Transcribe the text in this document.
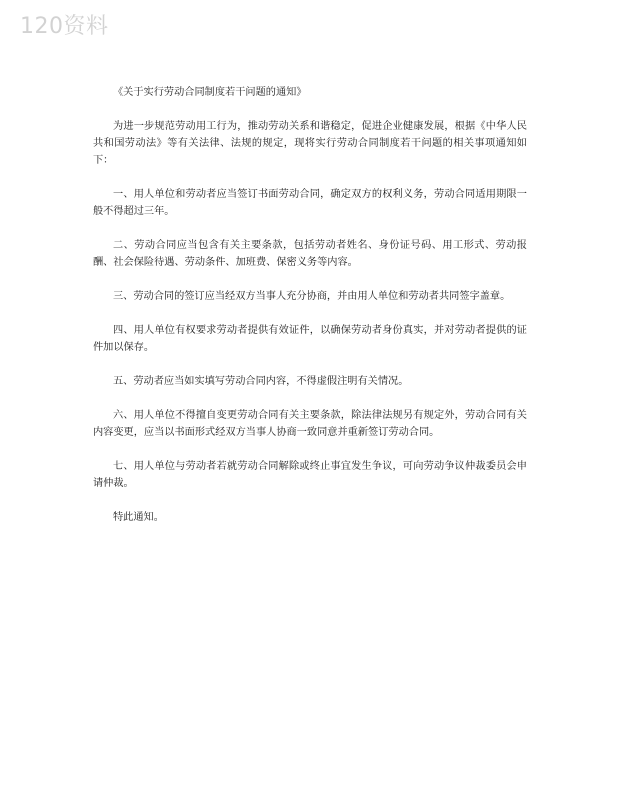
120资料

《关于实行劳动合同制度若干问题的通知》

为进一步规范劳动用工行为，推动劳动关系和谐稳定，促进企业健康发展，根据《中华人民共和国劳动法》等有关法律、法规的规定，现将实行劳动合同制度若干问题的相关事项通知如下：

一、用人单位和劳动者应当签订书面劳动合同，确定双方的权利义务，劳动合同适用期限一般不得超过三年。

二、劳动合同应当包含有关主要条款，包括劳动者姓名、身份证号码、用工形式、劳动报酬、社会保险待遇、劳动条件、加班费、保密义务等内容。

三、劳动合同的签订应当经双方当事人充分协商，并由用人单位和劳动者共同签字盖章。

四、用人单位有权要求劳动者提供有效证件，以确保劳动者身份真实，并对劳动者提供的证件加以保存。

五、劳动者应当如实填写劳动合同内容，不得虚假注明有关情况。

六、用人单位不得擅自变更劳动合同有关主要条款，除法律法规另有规定外，劳动合同有关内容变更，应当以书面形式经双方当事人协商一致同意并重新签订劳动合同。

七、用人单位与劳动者若就劳动合同解除或终止事宜发生争议，可向劳动争议仲裁委员会申请仲裁。

特此通知。
